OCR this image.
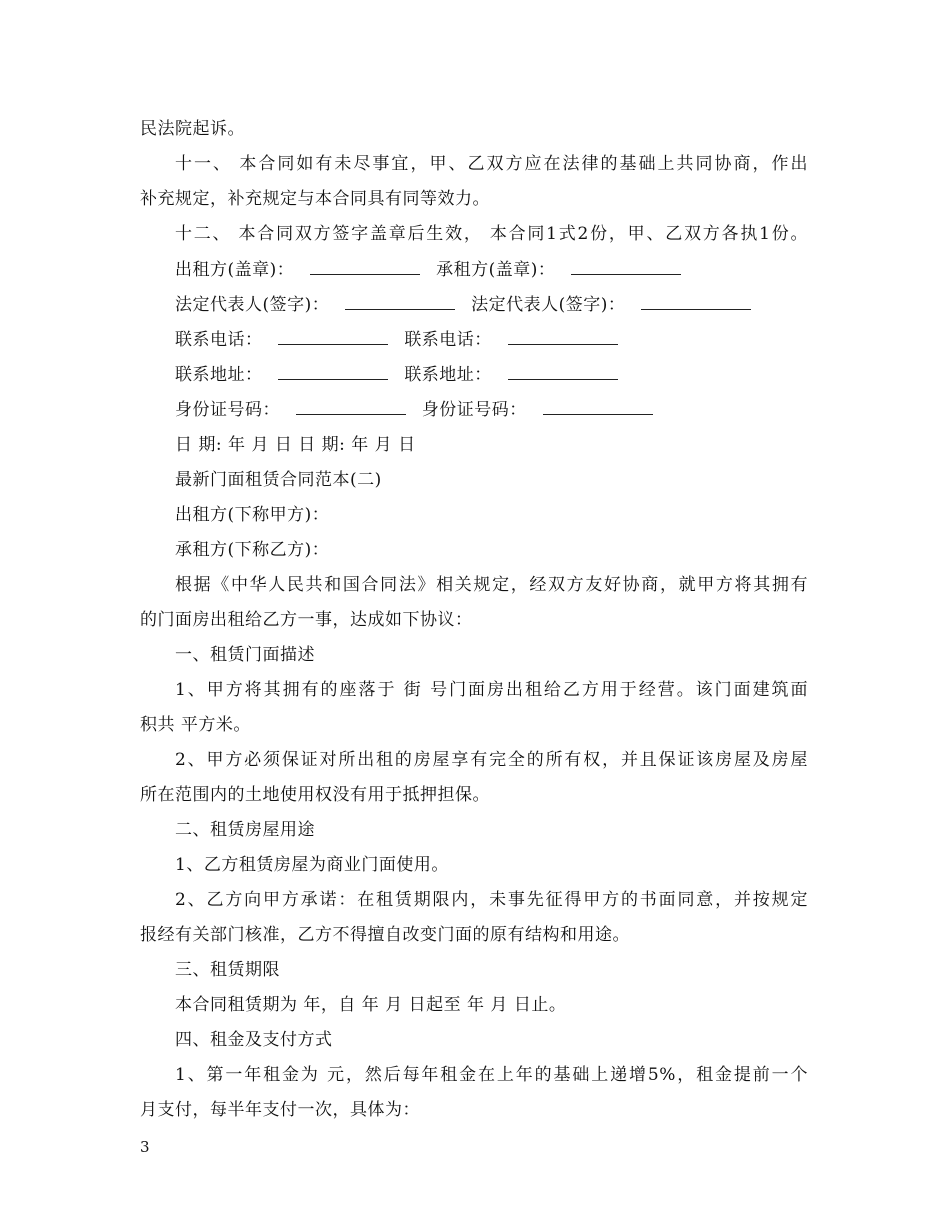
民法院起诉。
十一、 本合同如有未尽事宜，甲、乙双方应在法律的基础上共同协商，作出
补充规定，补充规定与本合同具有同等效力。
十二、 本合同双方签字盖章后生效， 本合同1式2份，甲、乙双方各执1份。
出租方(盖章)：	承租方(盖章)：
法定代表人(签字)：	法定代表人(签字)：
联系电话：	联系电话：
联系地址：	联系地址：
身份证号码：	身份证号码：
日 期: 年 月 日 日 期: 年 月 日
最新门面租赁合同范本(二)
出租方(下称甲方)：
承租方(下称乙方)：
根据《中华人民共和国合同法》相关规定，经双方友好协商，就甲方将其拥有
的门面房出租给乙方一事，达成如下协议：
一、租赁门面描述
1、甲方将其拥有的座落于 街 号门面房出租给乙方用于经营。该门面建筑面
积共 平方米。
2、甲方必须保证对所出租的房屋享有完全的所有权，并且保证该房屋及房屋
所在范围内的土地使用权没有用于抵押担保。
二、租赁房屋用途
1、乙方租赁房屋为商业门面使用。
2、乙方向甲方承诺：在租赁期限内，未事先征得甲方的书面同意，并按规定
报经有关部门核准，乙方不得擅自改变门面的原有结构和用途。
三、租赁期限
本合同租赁期为 年，自 年 月 日起至 年 月 日止。
四、租金及支付方式
1、第一年租金为 元，然后每年租金在上年的基础上递增5%，租金提前一个
月支付，每半年支付一次，具体为：
3
